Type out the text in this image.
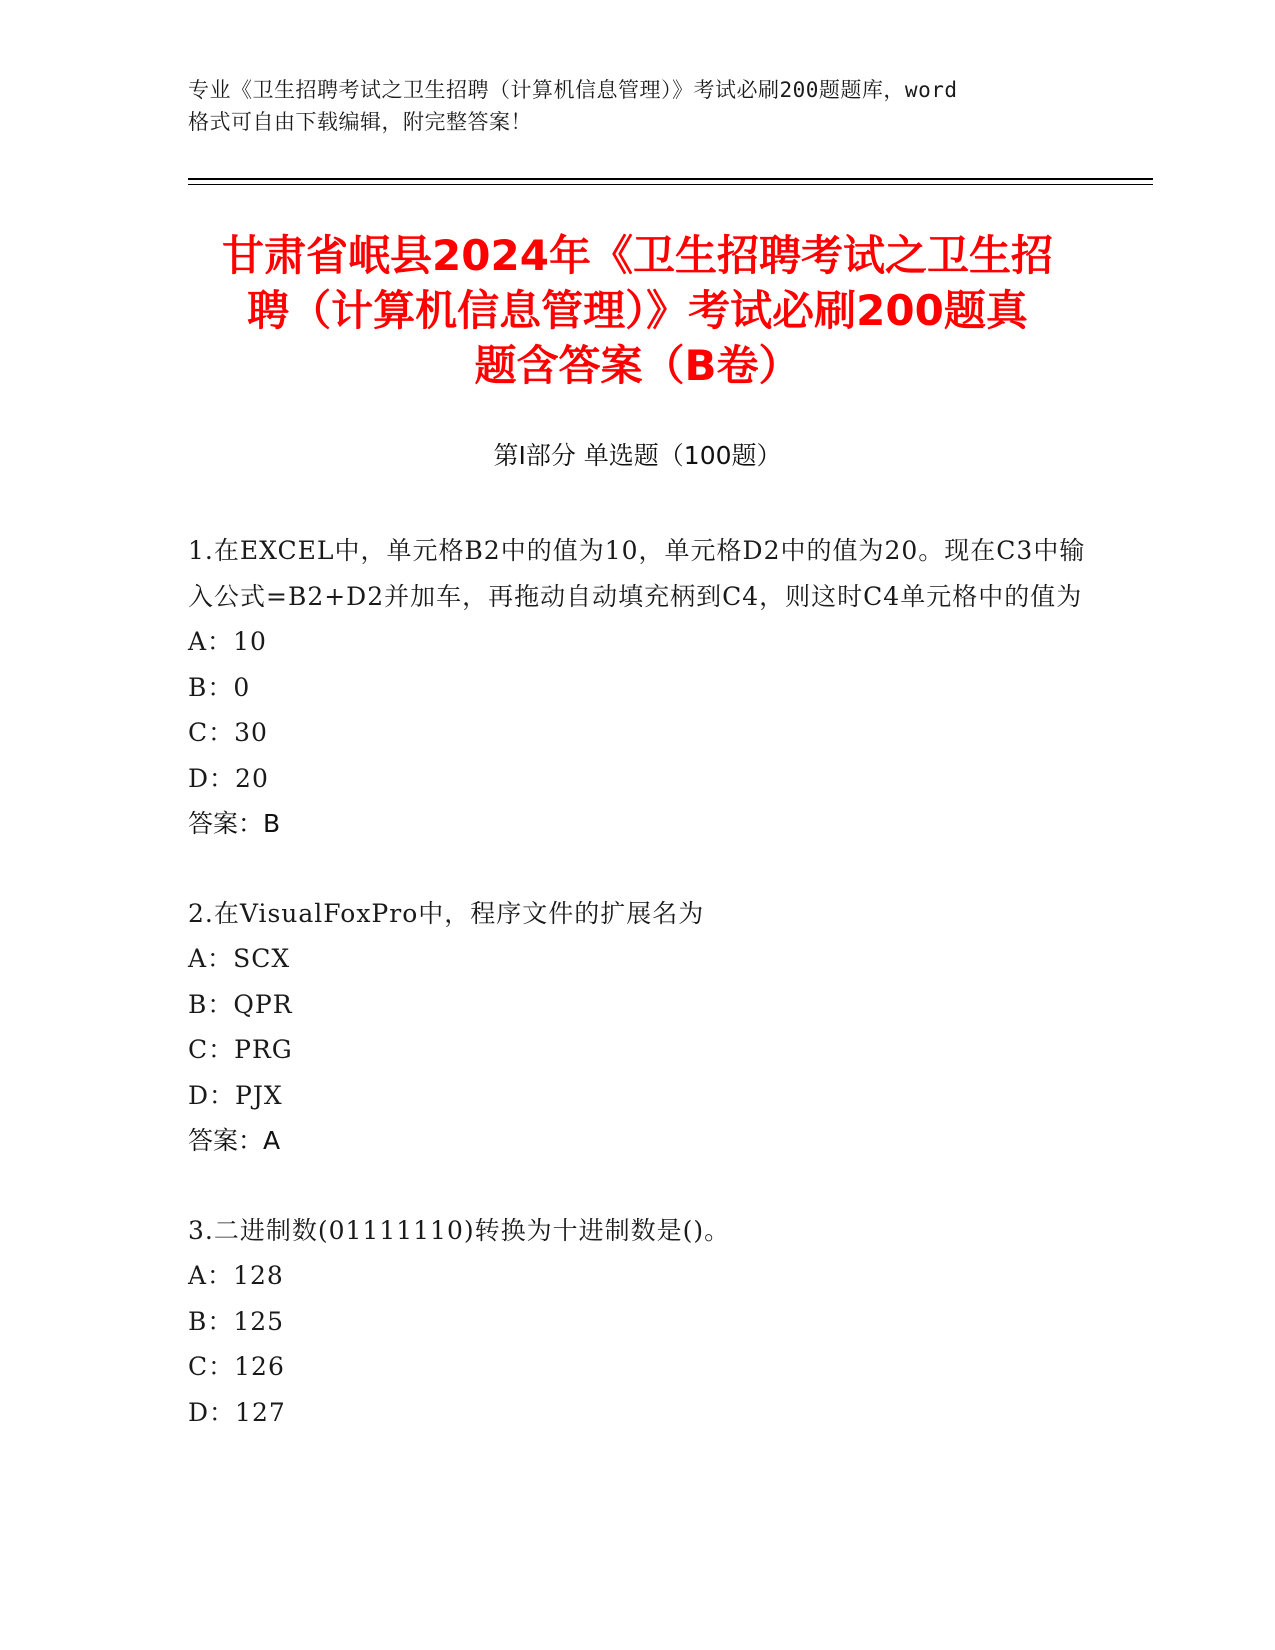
专业《卫生招聘考试之卫生招聘（计算机信息管理）》考试必刷200题题库，word
格式可自由下载编辑，附完整答案！
甘肃省岷县2024年《卫生招聘考试之卫生招
聘（计算机信息管理）》考试必刷200题真
题含答案（B卷）
第Ⅰ部分 单选题（100题）
1.在EXCEL中，单元格B2中的值为10，单元格D2中的值为20。现在C3中输入公式=B2+D2并加车，再拖动自动填充柄到C4，则这时C4单元格中的值为
A：10
B：0
C：30
D：20
答案：B
2.在VisualFoxPro中，程序文件的扩展名为
A：SCX
B：QPR
C：PRG
D：PJX
答案：A
3.二进制数(01111110)转换为十进制数是()。
A：128
B：125
C：126
D：127
